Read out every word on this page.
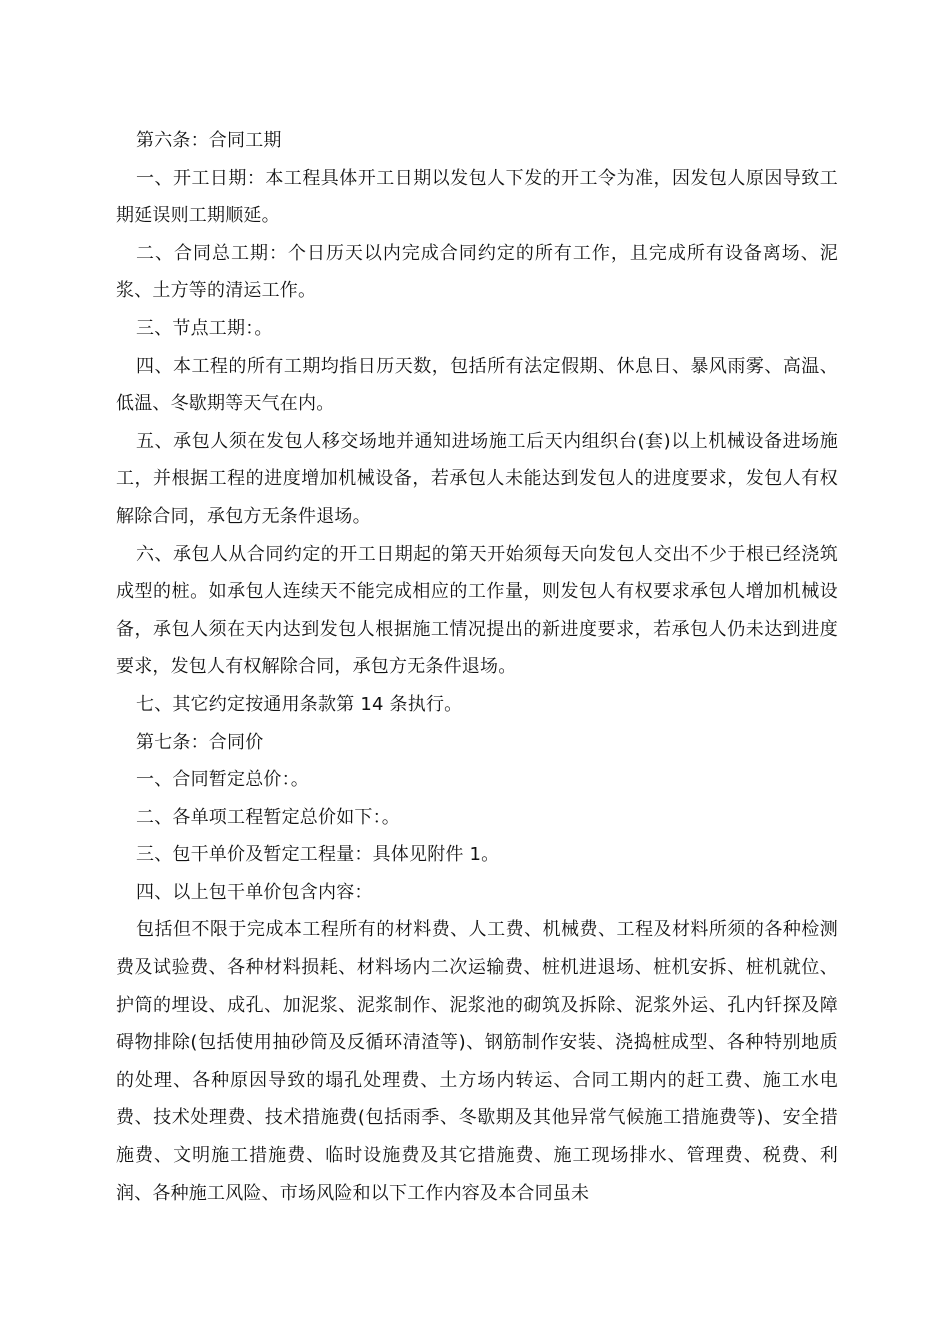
第六条：合同工期

一、开工日期：本工程具体开工日期以发包人下发的开工令为准，因发包人原因导致工期延误则工期顺延。

二、合同总工期：个日历天以内完成合同约定的所有工作，且完成所有设备离场、泥浆、土方等的清运工作。

三、节点工期：。

四、本工程的所有工期均指日历天数，包括所有法定假期、休息日、暴风雨雾、高温、低温、冬歇期等天气在内。

五、承包人须在发包人移交场地并通知进场施工后天内组织台(套)以上机械设备进场施工，并根据工程的进度增加机械设备，若承包人未能达到发包人的进度要求，发包人有权解除合同，承包方无条件退场。

六、承包人从合同约定的开工日期起的第天开始须每天向发包人交出不少于根已经浇筑成型的桩。如承包人连续天不能完成相应的工作量，则发包人有权要求承包人增加机械设备，承包人须在天内达到发包人根据施工情况提出的新进度要求，若承包人仍未达到进度要求，发包人有权解除合同，承包方无条件退场。

七、其它约定按通用条款第 14 条执行。

第七条：合同价

一、合同暂定总价：。

二、各单项工程暂定总价如下：。

三、包干单价及暂定工程量：具体见附件 1。

四、以上包干单价包含内容：

包括但不限于完成本工程所有的材料费、人工费、机械费、工程及材料所须的各种检测费及试验费、各种材料损耗、材料场内二次运输费、桩机进退场、桩机安拆、桩机就位、护筒的埋设、成孔、加泥浆、泥浆制作、泥浆池的砌筑及拆除、泥浆外运、孔内钎探及障碍物排除(包括使用抽砂筒及反循环清渣等)、钢筋制作安装、浇捣桩成型、各种特别地质的处理、各种原因导致的塌孔处理费、土方场内转运、合同工期内的赶工费、施工水电费、技术处理费、技术措施费(包括雨季、冬歇期及其他异常气候施工措施费等)、安全措施费、文明施工措施费、临时设施费及其它措施费、施工现场排水、管理费、税费、利润、各种施工风险、市场风险和以下工作内容及本合同虽未
